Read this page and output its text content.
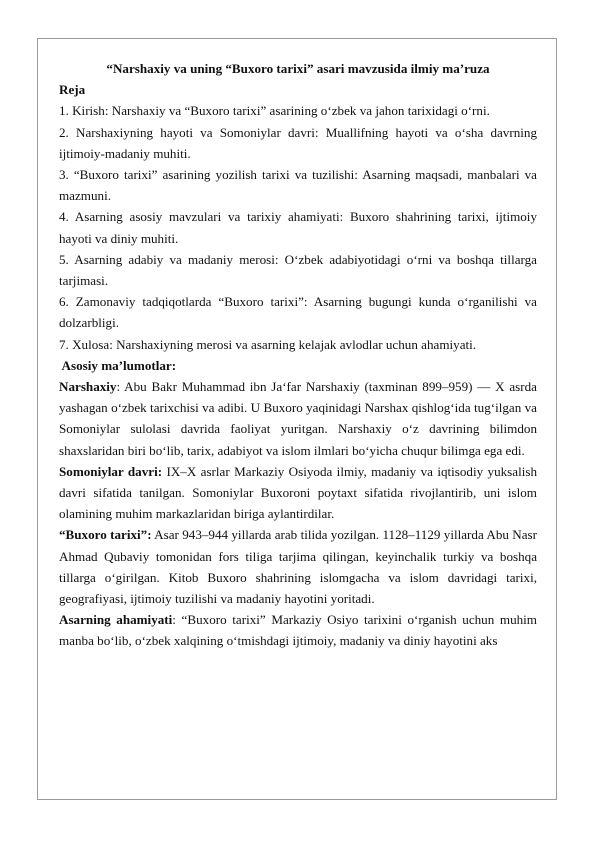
“Narshaxiy va uning “Buxoro tarixi” asari mavzusida ilmiy ma’ruza

Reja

1. Kirish: Narshaxiy va “Buxoro tarixi” asarining o‘zbek va jahon tarixidagi o‘rni.

2. Narshaxiyning hayoti va Somoniylar davri: Muallifning hayoti va o‘sha davrning ijtimoiy-madaniy muhiti.

3. “Buxoro tarixi” asarining yozilish tarixi va tuzilishi: Asarning maqsadi, manbalari va mazmuni.

4. Asarning asosiy mavzulari va tarixiy ahamiyati: Buxoro shahrining tarixi, ijtimoiy hayoti va diniy muhiti.

5. Asarning adabiy va madaniy merosi: O‘zbek adabiyotidagi o‘rni va boshqa tillarga tarjimasi.

6. Zamonaviy tadqiqotlarda “Buxoro tarixi”: Asarning bugungi kunda o‘rganilishi va dolzarbligi.

7. Xulosa: Narshaxiyning merosi va asarning kelajak avlodlar uchun ahamiyati.

Asosiy ma’lumotlar:

Narshaxiy: Abu Bakr Muhammad ibn Ja‘far Narshaxiy (taxminan 899–959) — X asrda yashagan o‘zbek tarixchisi va adibi. U Buxoro yaqinidagi Narshax qishlog‘ida tug‘ilgan va Somoniylar sulolasi davrida faoliyat yuritgan. Narshaxiy o‘z davrining bilimdon shaxslaridan biri bo‘lib, tarix, adabiyot va islom ilmlari bo‘yicha chuqur bilimga ega edi.

Somoniylar davri: IX–X asrlar Markaziy Osiyoda ilmiy, madaniy va iqtisodiy yuksalish davri sifatida tanilgan. Somoniylar Buxoroni poytaxt sifatida rivojlantirib, uni islom olamining muhim markazlaridan biriga aylantirdilar.

“Buxoro tarixi”: Asar 943–944 yillarda arab tilida yozilgan. 1128–1129 yillarda Abu Nasr Ahmad Qubaviy tomonidan fors tiliga tarjima qilingan, keyinchalik turkiy va boshqa tillarga o‘girilgan. Kitob Buxoro shahrining islomgacha va islom davridagi tarixi, geografiyasi, ijtimoiy tuzilishi va madaniy hayotini yoritadi.

Asarning ahamiyati: “Buxoro tarixi” Markaziy Osiyo tarixini o‘rganish uchun muhim manba bo‘lib, o‘zbek xalqining o‘tmishdagi ijtimoiy, madaniy va diniy hayotini aks
